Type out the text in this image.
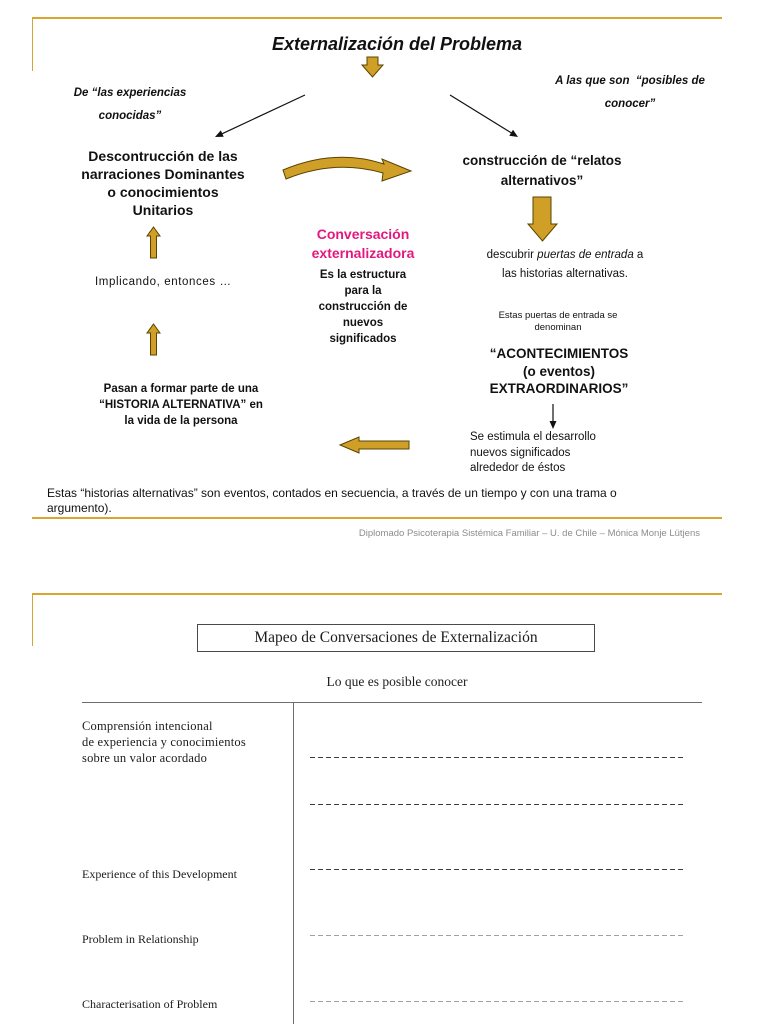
Externalización del Problema
De “las experiencias
conocidas”
A las que son  “posibles de
conocer”
Descontrucción de las
narraciones Dominantes
o conocimientos
Unitarios
construcción de “relatos
alternativos”
Conversación
externalizadora
Es la estructura
para la
construcción de
nuevos
significados
Implicando, entonces …
descubrir puertas de entrada a
las historias alternativas.
Estas puertas de entrada se
denominan
“ACONTECIMIENTOS
(o eventos)
EXTRAORDINARIOS”
Se estimula el desarrollo
nuevos significados
alrededor de éstos
Pasan a formar parte de una
“HISTORIA ALTERNATIVA” en
la vida de la persona
Estas “historias alternativas” son eventos, contados en secuencia, a través de un tiempo y con una trama o
argumento).
Diplomado Psicoterapia Sistémica Familiar – U. de Chile – Mónica Monje Lütjens
Mapeo de Conversaciones de Externalización
Lo que es posible conocer
Comprensión intencional
de experiencia y conocimientos
sobre un valor acordado
Experience of this Development
Problem in Relationship
Characterisation of Problem
